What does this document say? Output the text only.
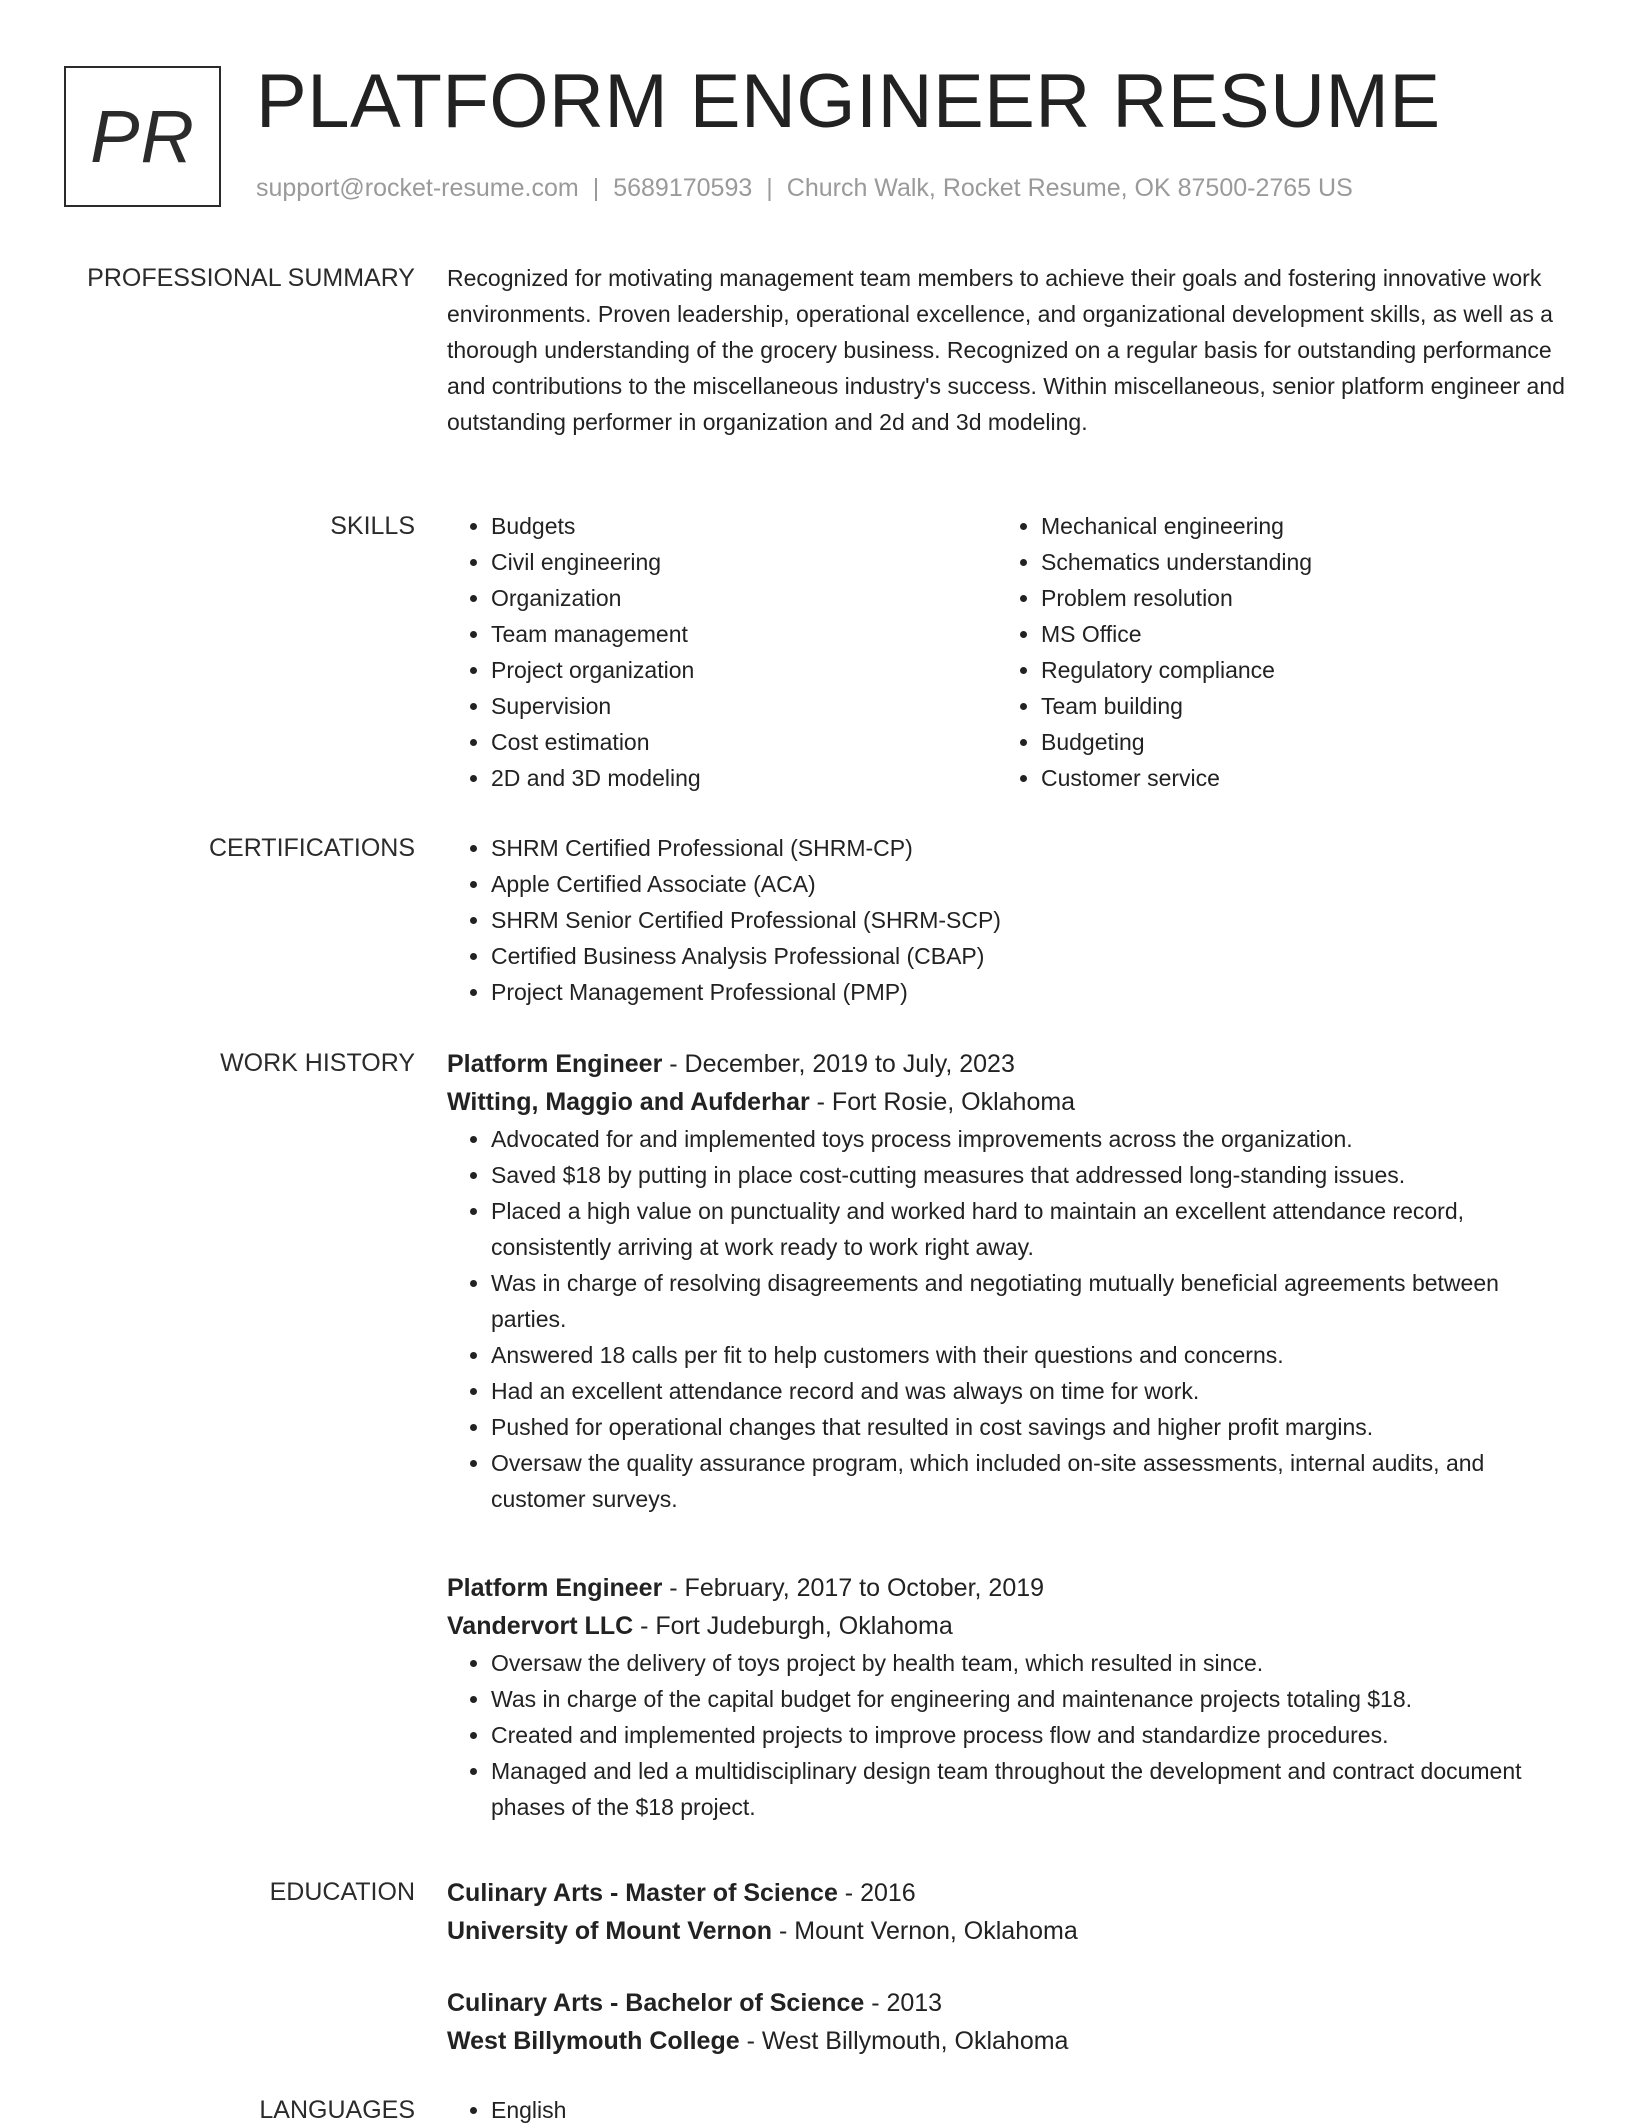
PR PLATFORM ENGINEER RESUME
support@rocket-resume.com | 5689170593 | Church Walk, Rocket Resume, OK 87500-2765 US
PROFESSIONAL SUMMARY Recognized for motivating management team members to achieve their goals and fostering innovative work environments. Proven leadership, operational excellence, and organizational development skills, as well as a thorough understanding of the grocery business. Recognized on a regular basis for outstanding performance and contributions to the miscellaneous industry's success. Within miscellaneous, senior platform engineer and outstanding performer in organization and 2d and 3d modeling.

SKILLS	• Budgets
• Civil engineering
• Organization
• Team management
• Project organization
• Supervision
• Cost estimation
• 2D and 3D modeling
• Mechanical engineering
• Schematics understanding
• Problem resolution
• MS Office
• Regulatory compliance
• Team building
• Budgeting
• Customer service
CERTIFICATIONS	• SHRM Certified Professional (SHRM-CP)
• Apple Certified Associate (ACA)
• SHRM Senior Certified Professional (SHRM-SCP)
• Certified Business Analysis Professional (CBAP)
• Project Management Professional (PMP)
WORK HISTORY Platform Engineer - December, 2019 to July, 2023
Witting, Maggio and Aufderhar - Fort Rosie, Oklahoma
• Advocated for and implemented toys process improvements across the organization.
• Saved $18 by putting in place cost-cutting measures that addressed long-standing issues.
• Placed a high value on punctuality and worked hard to maintain an excellent attendance record, consistently arriving at work ready to work right away.
• Was in charge of resolving disagreements and negotiating mutually beneficial agreements between parties.
• Answered 18 calls per fit to help customers with their questions and concerns.
• Had an excellent attendance record and was always on time for work.
• Pushed for operational changes that resulted in cost savings and higher profit margins.
• Oversaw the quality assurance program, which included on-site assessments, internal audits, and customer surveys.
Platform Engineer - February, 2017 to October, 2019
Vandervort LLC - Fort Judeburgh, Oklahoma
• Oversaw the delivery of toys project by health team, which resulted in since.
• Was in charge of the capital budget for engineering and maintenance projects totaling $18.
• Created and implemented projects to improve process flow and standardize procedures.
• Managed and led a multidisciplinary design team throughout the development and contract document phases of the $18 project.
EDUCATION Culinary Arts - Master of Science - 2016
University of Mount Vernon - Mount Vernon, Oklahoma
Culinary Arts - Bachelor of Science - 2013
West Billymouth College - West Billymouth, Oklahoma
LANGUAGES	• English
